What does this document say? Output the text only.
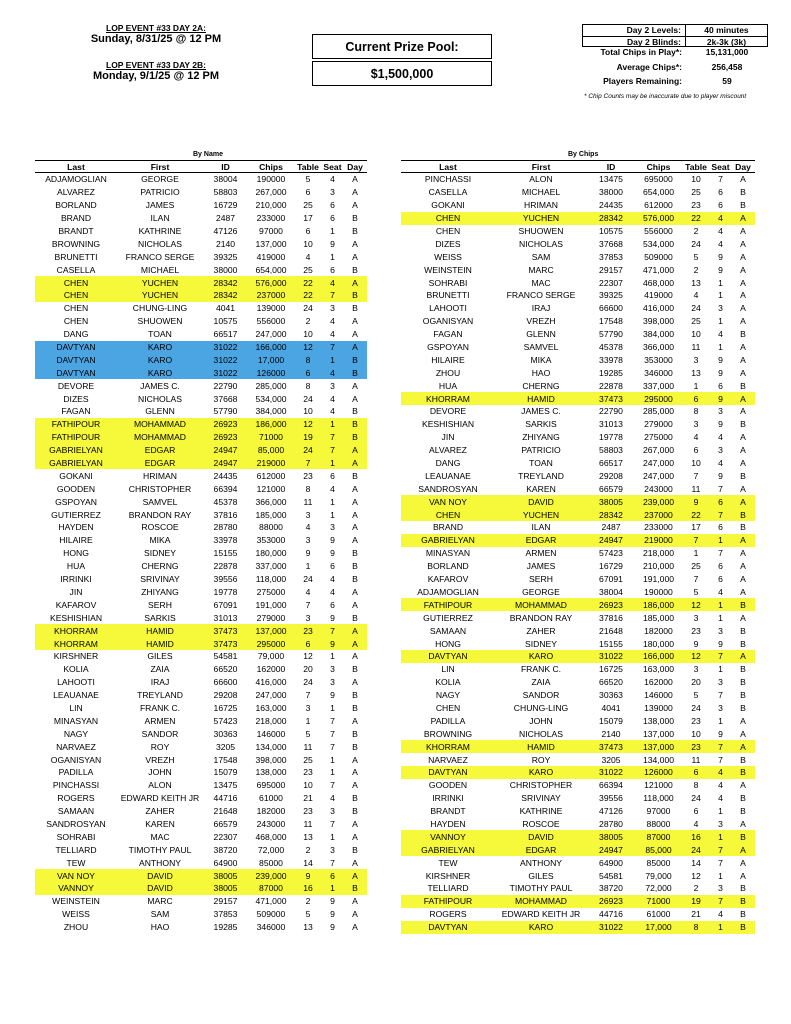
LOP EVENT #33 DAY 2A:
Sunday, 8/31/25 @ 12 PM
LOP EVENT #33 DAY 2B:
Monday, 9/1/25 @ 12 PM
Current Prize Pool:
$1,500,000
Day 2 Levels:	40 minutes
Day 2 Blinds:	2k-3k (3k)
Total Chips in Play*:	15,131,000
Average Chips*:	256,458
Players Remaining:	59
* Chip Counts may be inaccurate due to player miscount
By Name	By Chips
Last	First	ID	Chips	Table	Seat	Day
ADJAMOGLIAN	GEORGE	38004	190000	5	4	A
ALVAREZ	PATRICIO	58803	267,000	6	3	A
BORLAND	JAMES	16729	210,000	25	6	A
BRAND	ILAN	2487	233000	17	6	B
BRANDT	KATHRINE	47126	97000	6	1	B
BROWNING	NICHOLAS	2140	137,000	10	9	A
BRUNETTI	FRANCO SERGE	39325	419000	4	1	A
CASELLA	MICHAEL	38000	654,000	25	6	B
CHEN	YUCHEN	28342	576,000	22	4	A
CHEN	YUCHEN	28342	237000	22	7	B
CHEN	CHUNG-LING	4041	139000	24	3	B
CHEN	SHUOWEN	10575	556000	2	4	A
DANG	TOAN	66517	247,000	10	4	A
DAVTYAN	KARO	31022	166,000	12	7	A
DAVTYAN	KARO	31022	17,000	8	1	B
DAVTYAN	KARO	31022	126000	6	4	B
DEVORE	JAMES C.	22790	285,000	8	3	A
DIZES	NICHOLAS	37668	534,000	24	4	A
FAGAN	GLENN	57790	384,000	10	4	B
FATHIPOUR	MOHAMMAD	26923	186,000	12	1	B
FATHIPOUR	MOHAMMAD	26923	71000	19	7	B
GABRIELYAN	EDGAR	24947	85,000	24	7	A
GABRIELYAN	EDGAR	24947	219000	7	1	A
GOKANI	HRIMAN	24435	612000	23	6	B
GOODEN	CHRISTOPHER	66394	121000	8	4	A
GSPOYAN	SAMVEL	45378	366,000	11	1	A
GUTIERREZ	BRANDON RAY	37816	185,000	3	1	A
HAYDEN	ROSCOE	28780	88000	4	3	A
HILAIRE	MIKA	33978	353000	3	9	A
HONG	SIDNEY	15155	180,000	9	9	B
HUA	CHERNG	22878	337,000	1	6	B
IRRINKI	SRIVINAY	39556	118,000	24	4	B
JIN	ZHIYANG	19778	275000	4	4	A
KAFAROV	SERH	67091	191,000	7	6	A
KESHISHIAN	SARKIS	31013	279000	3	9	B
KHORRAM	HAMID	37473	137,000	23	7	A
KHORRAM	HAMID	37473	295000	6	9	A
KIRSHNER	GILES	54581	79,000	12	1	A
KOLIA	ZAIA	66520	162000	20	3	B
LAHOOTI	IRAJ	66600	416,000	24	3	A
LEAUANAE	TREYLAND	29208	247,000	7	9	B
LIN	FRANK C.	16725	163,000	3	1	B
MINASYAN	ARMEN	57423	218,000	1	7	A
NAGY	SANDOR	30363	146000	5	7	B
NARVAEZ	ROY	3205	134,000	11	7	B
OGANISYAN	VREZH	17548	398,000	25	1	A
PADILLA	JOHN	15079	138,000	23	1	A
PINCHASSI	ALON	13475	695000	10	7	A
ROGERS	EDWARD KEITH JR	44716	61000	21	4	B
SAMAAN	ZAHER	21648	182000	23	3	B
SANDROSYAN	KAREN	66579	243000	11	7	A
SOHRABI	MAC	22307	468,000	13	1	A
TELLIARD	TIMOTHY PAUL	38720	72,000	2	3	B
TEW	ANTHONY	64900	85000	14	7	A
VAN NOY	DAVID	38005	239,000	9	6	A
VANNOY	DAVID	38005	87000	16	1	B
WEINSTEIN	MARC	29157	471,000	2	9	A
WEISS	SAM	37853	509000	5	9	A
ZHOU	HAO	19285	346000	13	9	A
Last	First	ID	Chips	Table	Seat	Day
PINCHASSI	ALON	13475	695000	10	7	A
CASELLA	MICHAEL	38000	654,000	25	6	B
GOKANI	HRIMAN	24435	612000	23	6	B
CHEN	YUCHEN	28342	576,000	22	4	A
CHEN	SHUOWEN	10575	556000	2	4	A
DIZES	NICHOLAS	37668	534,000	24	4	A
WEISS	SAM	37853	509000	5	9	A
WEINSTEIN	MARC	29157	471,000	2	9	A
SOHRABI	MAC	22307	468,000	13	1	A
BRUNETTI	FRANCO SERGE	39325	419000	4	1	A
LAHOOTI	IRAJ	66600	416,000	24	3	A
OGANISYAN	VREZH	17548	398,000	25	1	A
FAGAN	GLENN	57790	384,000	10	4	B
GSPOYAN	SAMVEL	45378	366,000	11	1	A
HILAIRE	MIKA	33978	353000	3	9	A
ZHOU	HAO	19285	346000	13	9	A
HUA	CHERNG	22878	337,000	1	6	B
KHORRAM	HAMID	37473	295000	6	9	A
DEVORE	JAMES C.	22790	285,000	8	3	A
KESHISHIAN	SARKIS	31013	279000	3	9	B
JIN	ZHIYANG	19778	275000	4	4	A
ALVAREZ	PATRICIO	58803	267,000	6	3	A
DANG	TOAN	66517	247,000	10	4	A
LEAUANAE	TREYLAND	29208	247,000	7	9	B
SANDROSYAN	KAREN	66579	243000	11	7	A
VAN NOY	DAVID	38005	239,000	9	6	A
CHEN	YUCHEN	28342	237000	22	7	B
BRAND	ILAN	2487	233000	17	6	B
GABRIELYAN	EDGAR	24947	219000	7	1	A
MINASYAN	ARMEN	57423	218,000	1	7	A
BORLAND	JAMES	16729	210,000	25	6	A
KAFAROV	SERH	67091	191,000	7	6	A
ADJAMOGLIAN	GEORGE	38004	190000	5	4	A
FATHIPOUR	MOHAMMAD	26923	186,000	12	1	B
GUTIERREZ	BRANDON RAY	37816	185,000	3	1	A
SAMAAN	ZAHER	21648	182000	23	3	B
HONG	SIDNEY	15155	180,000	9	9	B
DAVTYAN	KARO	31022	166,000	12	7	A
LIN	FRANK C.	16725	163,000	3	1	B
KOLIA	ZAIA	66520	162000	20	3	B
NAGY	SANDOR	30363	146000	5	7	B
CHEN	CHUNG-LING	4041	139000	24	3	B
PADILLA	JOHN	15079	138,000	23	1	A
BROWNING	NICHOLAS	2140	137,000	10	9	A
KHORRAM	HAMID	37473	137,000	23	7	A
NARVAEZ	ROY	3205	134,000	11	7	B
DAVTYAN	KARO	31022	126000	6	4	B
GOODEN	CHRISTOPHER	66394	121000	8	4	A
IRRINKI	SRIVINAY	39556	118,000	24	4	B
BRANDT	KATHRINE	47126	97000	6	1	B
HAYDEN	ROSCOE	28780	88000	4	3	A
VANNOY	DAVID	38005	87000	16	1	B
GABRIELYAN	EDGAR	24947	85,000	24	7	A
TEW	ANTHONY	64900	85000	14	7	A
KIRSHNER	GILES	54581	79,000	12	1	A
TELLIARD	TIMOTHY PAUL	38720	72,000	2	3	B
FATHIPOUR	MOHAMMAD	26923	71000	19	7	B
ROGERS	EDWARD KEITH JR	44716	61000	21	4	B
DAVTYAN	KARO	31022	17,000	8	1	B
